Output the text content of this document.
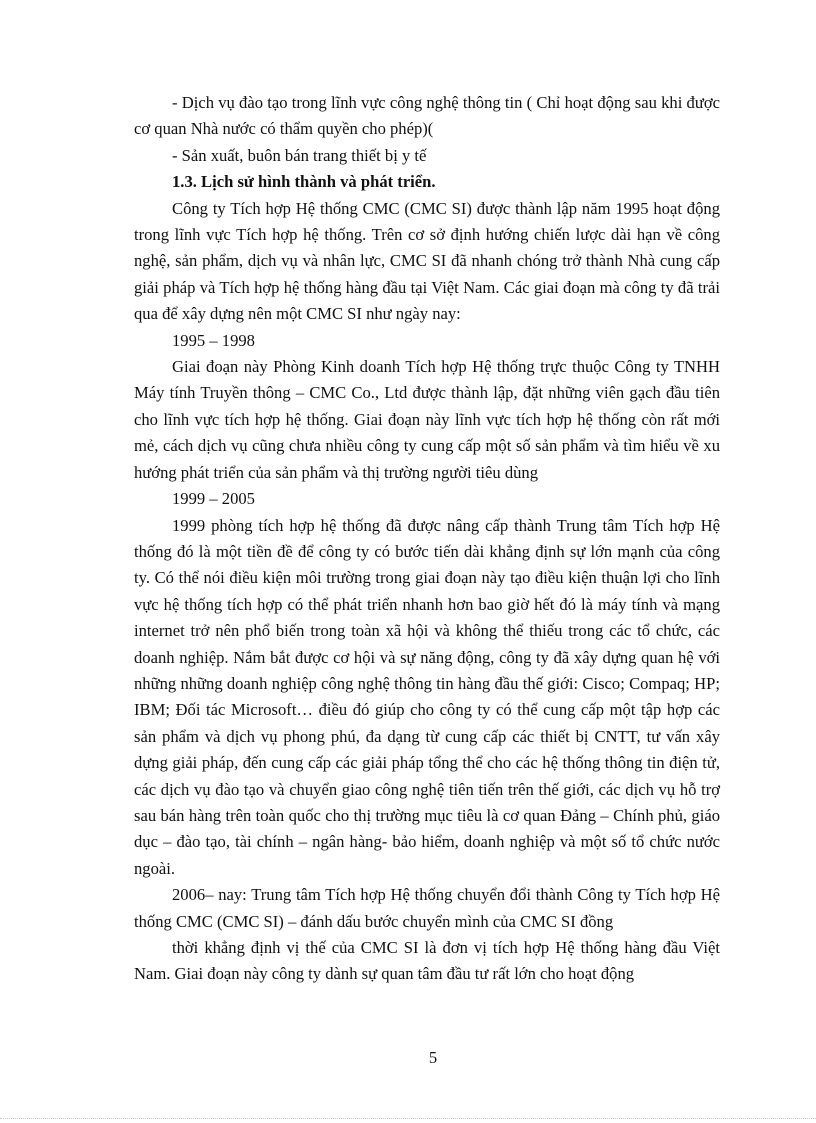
- Dịch vụ đào tạo trong lĩnh vực công nghệ thông tin ( Chỉ hoạt động sau khi được cơ quan Nhà nước có thẩm quyền cho phép)(

- Sản xuất, buôn bán trang thiết bị y tế

1.3. Lịch sử hình thành và phát triển.

Công ty Tích hợp Hệ thống CMC (CMC SI) được thành lập năm 1995 hoạt động trong lĩnh vực Tích hợp hệ thống. Trên cơ sở định hướng chiến lược dài hạn về công nghệ, sản phẩm, dịch vụ và nhân lực, CMC SI đã nhanh chóng trở thành Nhà cung cấp giải pháp và Tích hợp hệ thống hàng đầu tại Việt Nam. Các giai đoạn mà công ty đã trải qua để xây dựng nên một CMC SI như ngày nay:

1995 – 1998

Giai đoạn này Phòng Kinh doanh Tích hợp Hệ thống trực thuộc Công ty TNHH Máy tính Truyền thông – CMC Co., Ltd được thành lập, đặt những viên gạch đầu tiên cho lĩnh vực tích hợp hệ thống. Giai đoạn này lĩnh vực tích hợp hệ thống còn rất mới mẻ, cách dịch vụ cũng chưa nhiều công ty cung cấp một số sản phẩm và tìm hiểu về xu hướng phát triển của sản phẩm và thị trường người tiêu dùng

1999 – 2005

1999 phòng tích hợp hệ thống đã được nâng cấp thành Trung tâm Tích hợp Hệ thống đó là một tiền đề để công ty có bước tiến dài khẳng định sự lớn mạnh của công ty. Có thể nói điều kiện môi trường trong giai đoạn này tạo điều kiện thuận lợi cho lĩnh vực hệ thống tích hợp có thể phát triển nhanh hơn bao giờ hết đó là máy tính và mạng internet trở nên phổ biến trong toàn xã hội và không thể thiếu trong các tổ chức, các doanh nghiệp. Nắm bắt được cơ hội và sự năng động, công ty đã xây dựng quan hệ với những những doanh nghiệp công nghệ thông tin hàng đầu thế giới: Cisco; Compaq; HP; IBM; Đối tác Microsoft… điều đó giúp cho công ty có thể cung cấp một tập hợp các sản phẩm và dịch vụ phong phú, đa dạng từ cung cấp các thiết bị CNTT, tư vấn xây dựng giải pháp, đến cung cấp các giải pháp tổng thể cho các hệ thống thông tin điện tử, các dịch vụ đào tạo và chuyển giao công nghệ tiên tiến trên thế giới, các dịch vụ hỗ trợ sau bán hàng trên toàn quốc cho thị trường mục tiêu là cơ quan Đảng – Chính phủ, giáo dục – đào tạo, tài chính – ngân hàng- bảo hiểm, doanh nghiệp và một số tổ chức nước ngoài.

2006– nay: Trung tâm Tích hợp Hệ thống chuyển đổi thành Công ty Tích hợp Hệ thống CMC (CMC SI) – đánh dấu bước chuyển mình của CMC SI đồng

thời khẳng định vị thế của CMC SI là đơn vị tích hợp Hệ thống hàng đầu Việt Nam. Giai đoạn này công ty dành sự quan tâm đầu tư rất lớn cho hoạt động

5
